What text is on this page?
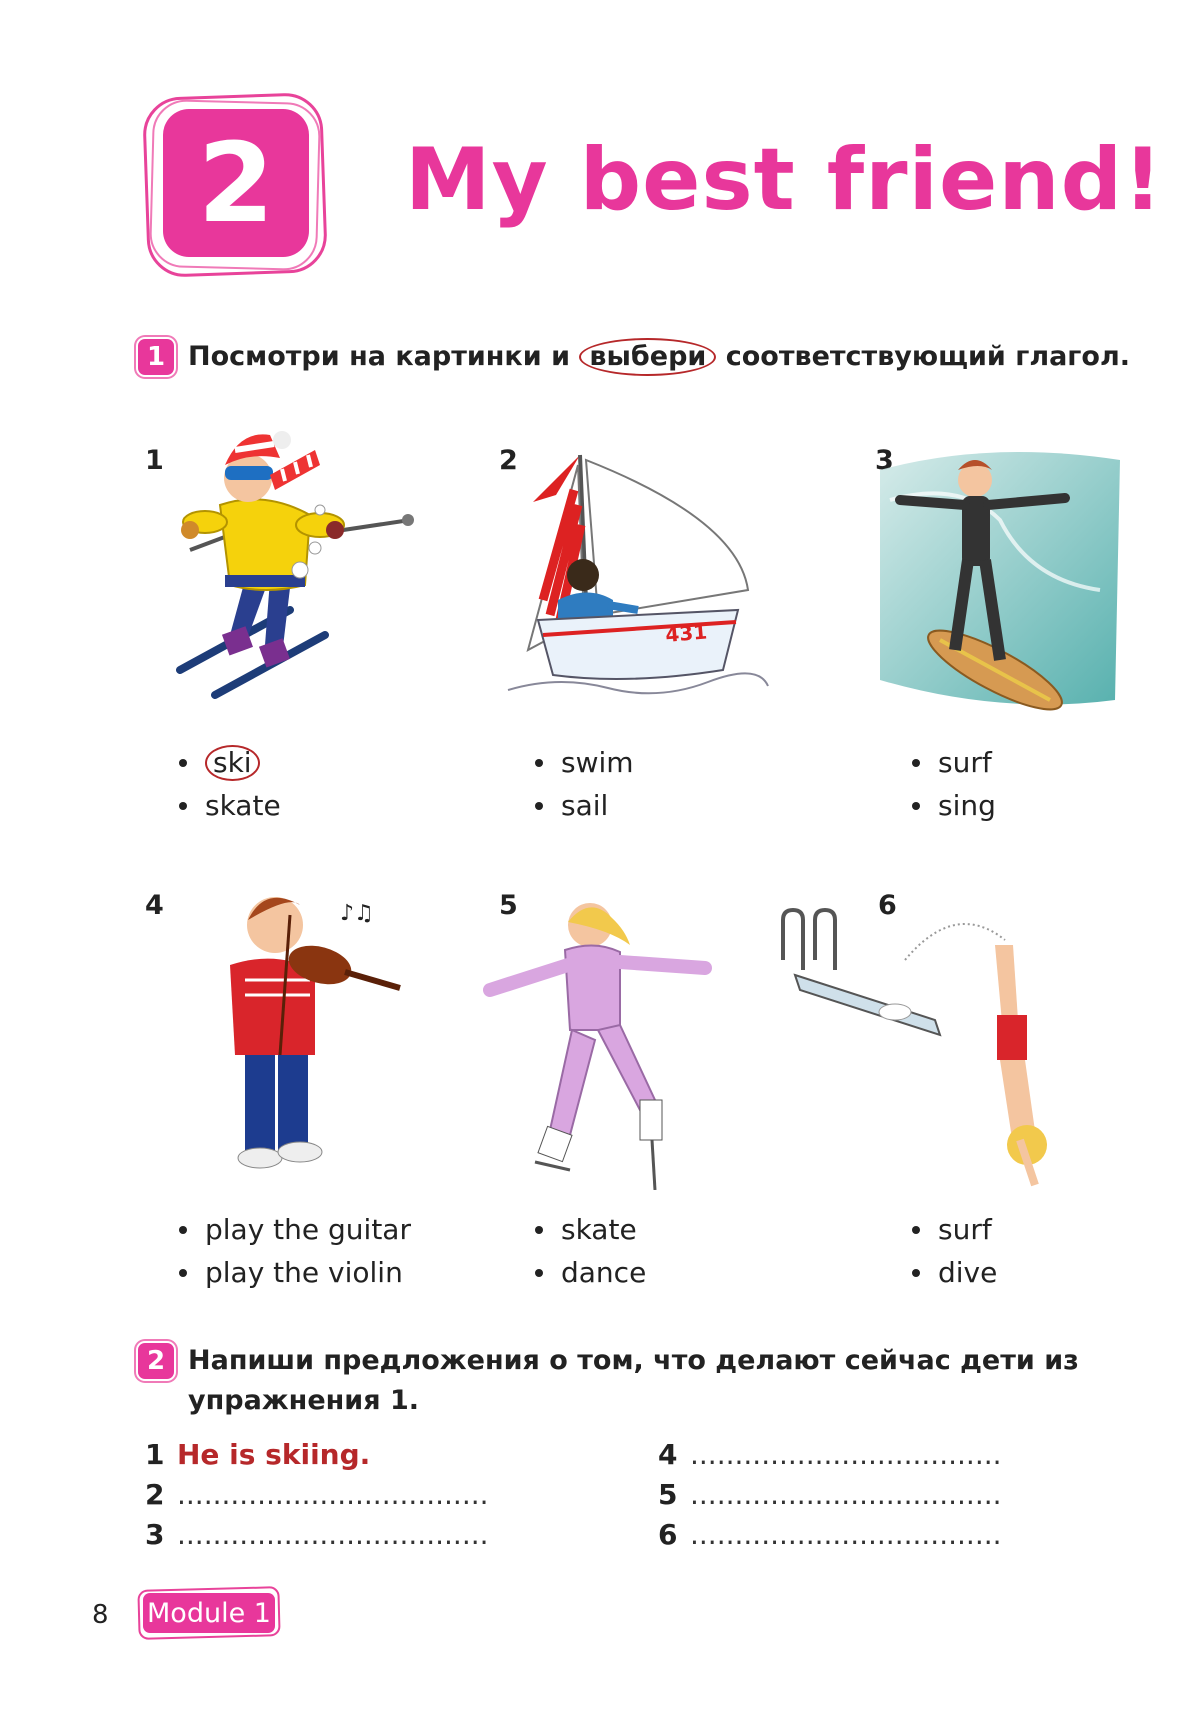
2	My best friend!
1 Посмотри на картинки и выбери соответствующий глагол.
1
ski
skate
2
431
swim
sail
3
surf
sing
4	♪♫
play the guitar
play the violin
5
skate
dance
6
surf
dive
2 Напиши предложения о том, что делают сейчас дети из
упражнения 1.
1 He is skiing.
2 ...................................
3 ...................................
4 ...................................
5 ...................................
6 ...................................
8 Module 1
